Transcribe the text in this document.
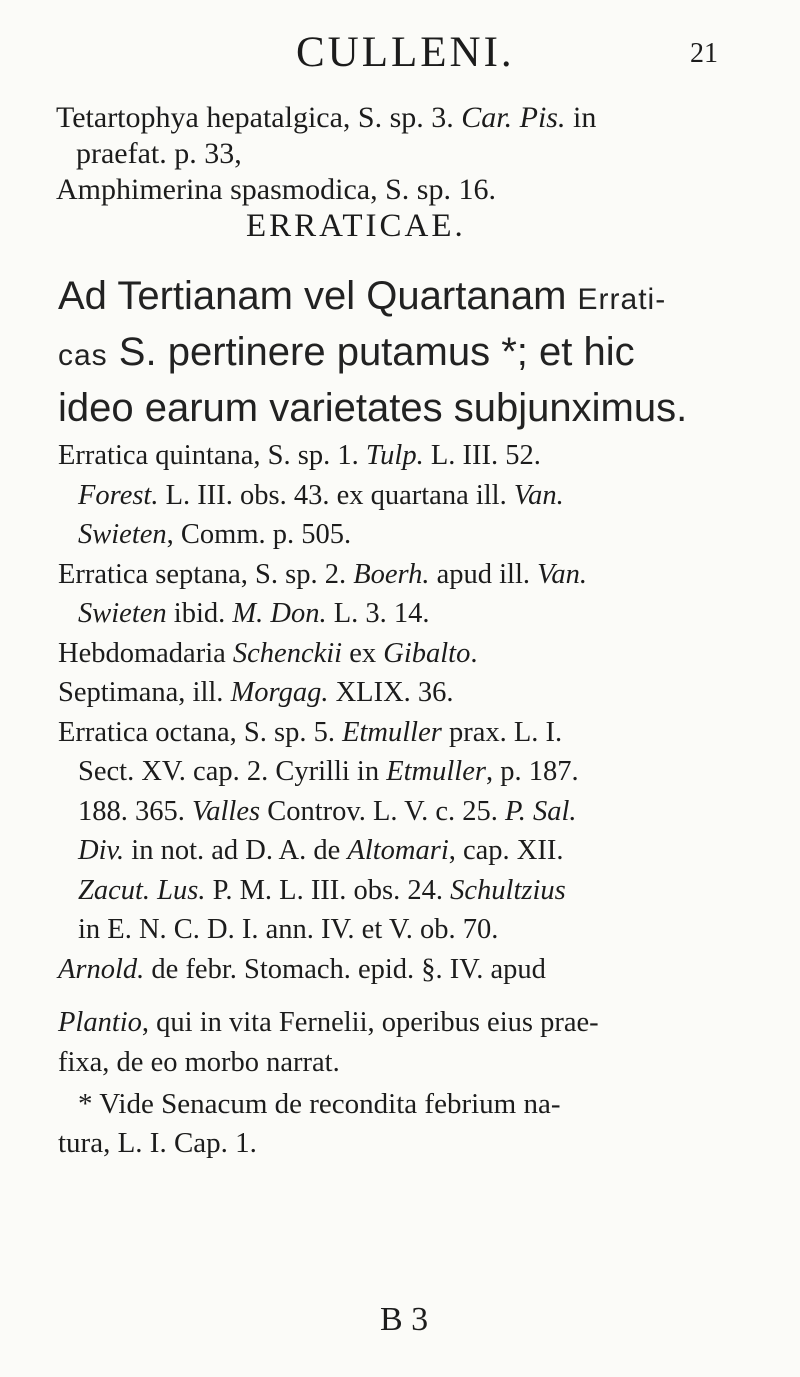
CULLENI.	21
Tetartophya hepatalgica, S. sp. 3. Car. Pis. in
praefat. p. 33,
Amphimerina spasmodica, S. sp. 16.
ERRATICAE.
Ad Tertianam vel Quartanam Errati-
cas S. pertinere putamus *; et hic
ideo earum varietates subjunximus.
Erratica quintana, S. sp. 1. Tulp. L. III. 52.
Forest. L. III. obs. 43. ex quartana ill. Van.
Swieten, Comm. p. 505.
Erratica septana, S. sp. 2. Boerh. apud ill. Van.
Swieten ibid. M. Don. L. 3. 14.
Hebdomadaria Schenckii ex Gibalto.
Septimana, ill. Morgag. XLIX. 36.
Erratica octana, S. sp. 5. Etmuller prax. L. I.
Sect. XV. cap. 2. Cyrilli in Etmuller, p. 187.
188. 365. Valles Controv. L. V. c. 25. P. Sal.
Div. in not. ad D. A. de Altomari, cap. XII.
Zacut. Lus. P. M. L. III. obs. 24. Schultzius
in E. N. C. D. I. ann. IV. et V. ob. 70.
Arnold. de febr. Stomach. epid. §. IV. apud
Plantio, qui in vita Fernelii, operibus eius prae-
fixa, de eo morbo narrat.
* Vide Senacum de recondita febrium na-
tura, L. I. Cap. 1.
B 3
